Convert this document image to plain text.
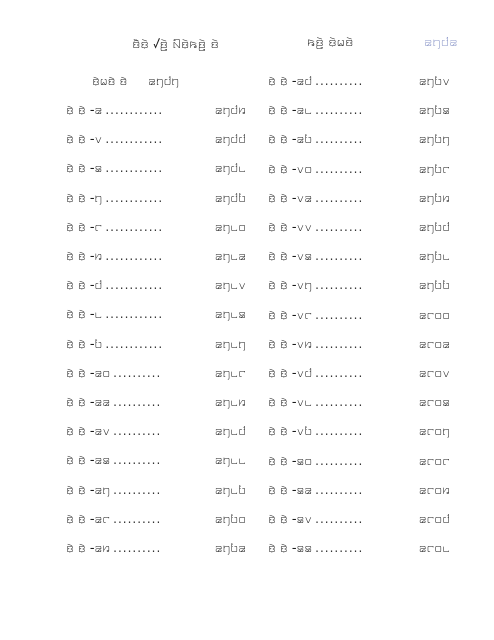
ꤢꤧꤨꤢꤧ꤫ ꤶꤢꤧ꤬ ꤡꤢꤧ꤫ꤒꤢꤧ꤬ ꤢꤧ	ꤒꤢꤧ꤬ ꤢꤧ꤫ꤗꤢꤧ	꤁꤄꤇꤁
ꤢꤧ꤫ꤗꤢꤧ ꤢꤧ ꤁꤄꤇꤄
ꤢꤧ꤫ ꤢꤧ꤫ -꤁ ............	꤁꤄꤇꤆
ꤢꤧ꤫ ꤢꤧ꤫ -꤂ ............	꤁꤄꤇꤇
ꤢꤧ꤫ ꤢꤧ꤫ -꤃ ............	꤁꤄꤇꤈
ꤢꤧ꤫ ꤢꤧ꤫ -꤄ ............	꤁꤄꤇꤉
ꤢꤧ꤫ ꤢꤧ꤫ -꤅ ............	꤁꤄꤈꤀
ꤢꤧ꤫ ꤢꤧ꤫ -꤆ ............	꤁꤄꤈꤁
ꤢꤧ꤫ ꤢꤧ꤫ -꤇ ............	꤁꤄꤈꤂
ꤢꤧ꤫ ꤢꤧ꤫ -꤈ ............	꤁꤄꤈꤃
ꤢꤧ꤫ ꤢꤧ꤫ -꤉ ............	꤁꤄꤈꤄
ꤢꤧ꤫ ꤢꤧ꤫ -꤁꤀ ..........	꤁꤄꤈꤅
ꤢꤧ꤫ ꤢꤧ꤫ -꤁꤁ ..........	꤁꤄꤈꤆
ꤢꤧ꤫ ꤢꤧ꤫ -꤁꤂ ..........	꤁꤄꤈꤇
ꤢꤧ꤫ ꤢꤧ꤫ -꤁꤃ ..........	꤁꤄꤈꤈
ꤢꤧ꤫ ꤢꤧ꤫ -꤁꤄ ..........	꤁꤄꤈꤉
ꤢꤧ꤫ ꤢꤧ꤫ -꤁꤅ ..........	꤁꤄꤉꤀
ꤢꤧ꤫ ꤢꤧ꤫ -꤁꤆ ..........	꤁꤄꤉꤁
ꤢꤧ꤫ ꤢꤧ꤫ -꤁꤇ ..........	꤁꤄꤉꤂
ꤢꤧ꤫ ꤢꤧ꤫ -꤁꤈ ..........	꤁꤄꤉꤃
ꤢꤧ꤫ ꤢꤧ꤫ -꤁꤉ ..........	꤁꤄꤉꤄
ꤢꤧ꤫ ꤢꤧ꤫ -꤂꤀ ..........	꤁꤄꤉꤅
ꤢꤧ꤫ ꤢꤧ꤫ -꤂꤁ ..........	꤁꤄꤉꤆
ꤢꤧ꤫ ꤢꤧ꤫ -꤂꤂ ..........	꤁꤄꤉꤇
ꤢꤧ꤫ ꤢꤧ꤫ -꤂꤃ ..........	꤁꤄꤉꤈
ꤢꤧ꤫ ꤢꤧ꤫ -꤂꤄ ..........	꤁꤄꤉꤉
ꤢꤧ꤫ ꤢꤧ꤫ -꤂꤅ ..........	꤁꤅꤀꤀
ꤢꤧ꤫ ꤢꤧ꤫ -꤂꤆ ..........	꤁꤅꤀꤁
ꤢꤧ꤫ ꤢꤧ꤫ -꤂꤇ ..........	꤁꤅꤀꤂
ꤢꤧ꤫ ꤢꤧ꤫ -꤂꤈ ..........	꤁꤅꤀꤃
ꤢꤧ꤫ ꤢꤧ꤫ -꤂꤉ ..........	꤁꤅꤀꤄
ꤢꤧ꤫ ꤢꤧ꤫ -꤃꤀ ..........	꤁꤅꤀꤅
ꤢꤧ꤫ ꤢꤧ꤫ -꤃꤁ ..........	꤁꤅꤀꤆
ꤢꤧ꤫ ꤢꤧ꤫ -꤃꤂ ..........	꤁꤅꤀꤇
ꤢꤧ꤫ ꤢꤧ꤫ -꤃꤃ ..........	꤁꤅꤀꤈
